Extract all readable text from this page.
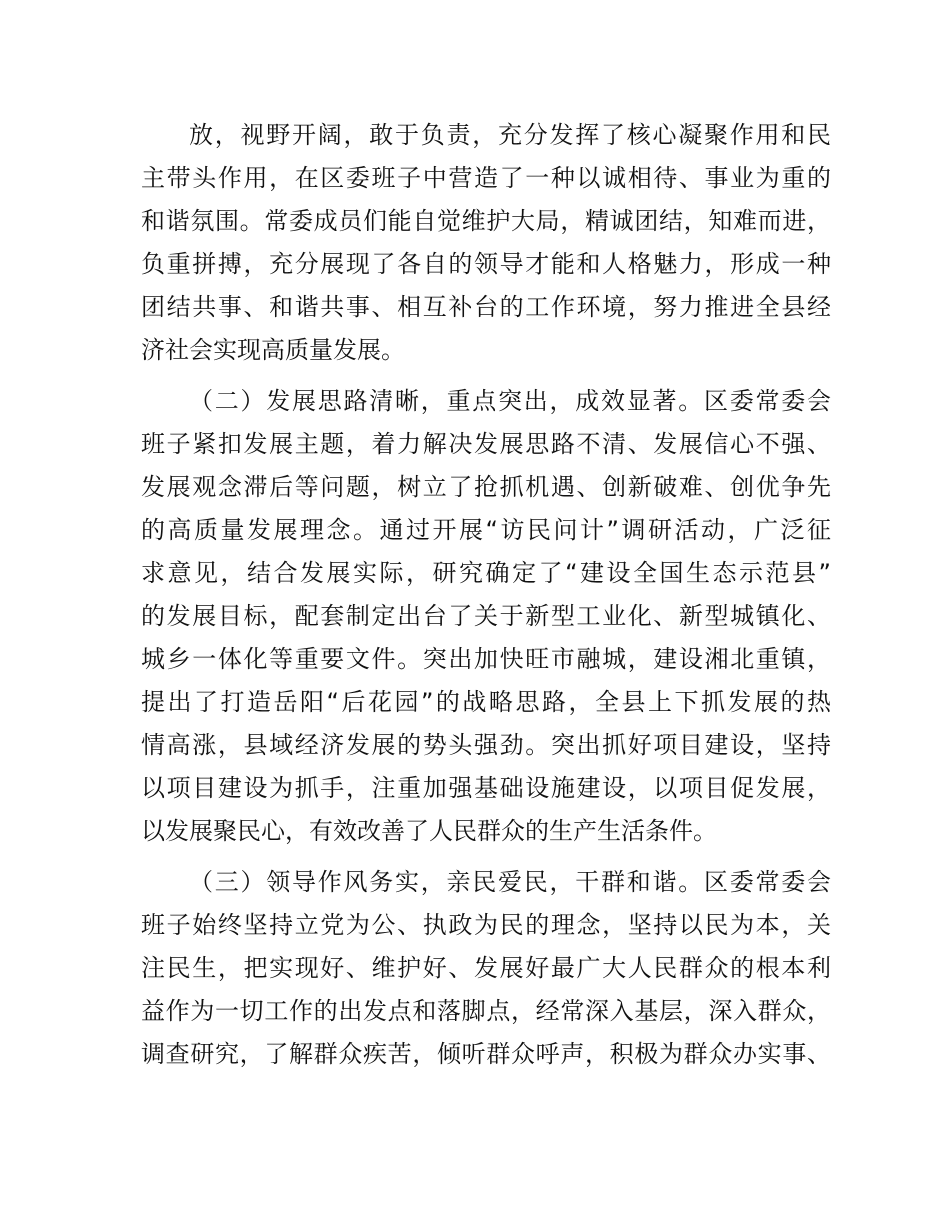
放，视野开阔，敢于负责，充分发挥了核心凝聚作用和民
主带头作用，在区委班子中营造了一种以诚相待、事业为重的
和谐氛围。常委成员们能自觉维护大局，精诚团结，知难而进，
负重拼搏，充分展现了各自的领导才能和人格魅力，形成一种
团结共事、和谐共事、相互补台的工作环境，努力推进全县经
济社会实现高质量发展。
（二）发展思路清晰，重点突出，成效显著。区委常委会
班子紧扣发展主题，着力解决发展思路不清、发展信心不强、
发展观念滞后等问题，树立了抢抓机遇、创新破难、创优争先
的高质量发展理念。通过开展“访民问计”调研活动，广泛征
求意见，结合发展实际，研究确定了“建设全国生态示范县”
的发展目标，配套制定出台了关于新型工业化、新型城镇化、
城乡一体化等重要文件。突出加快旺市融城，建设湘北重镇，
提出了打造岳阳“后花园”的战略思路，全县上下抓发展的热
情高涨，县域经济发展的势头强劲。突出抓好项目建设，坚持
以项目建设为抓手，注重加强基础设施建设，以项目促发展，
以发展聚民心，有效改善了人民群众的生产生活条件。
（三）领导作风务实，亲民爱民，干群和谐。区委常委会
班子始终坚持立党为公、执政为民的理念，坚持以民为本，关
注民生，把实现好、维护好、发展好最广大人民群众的根本利
益作为一切工作的出发点和落脚点，经常深入基层，深入群众，
调查研究，了解群众疾苦，倾听群众呼声，积极为群众办实事、
